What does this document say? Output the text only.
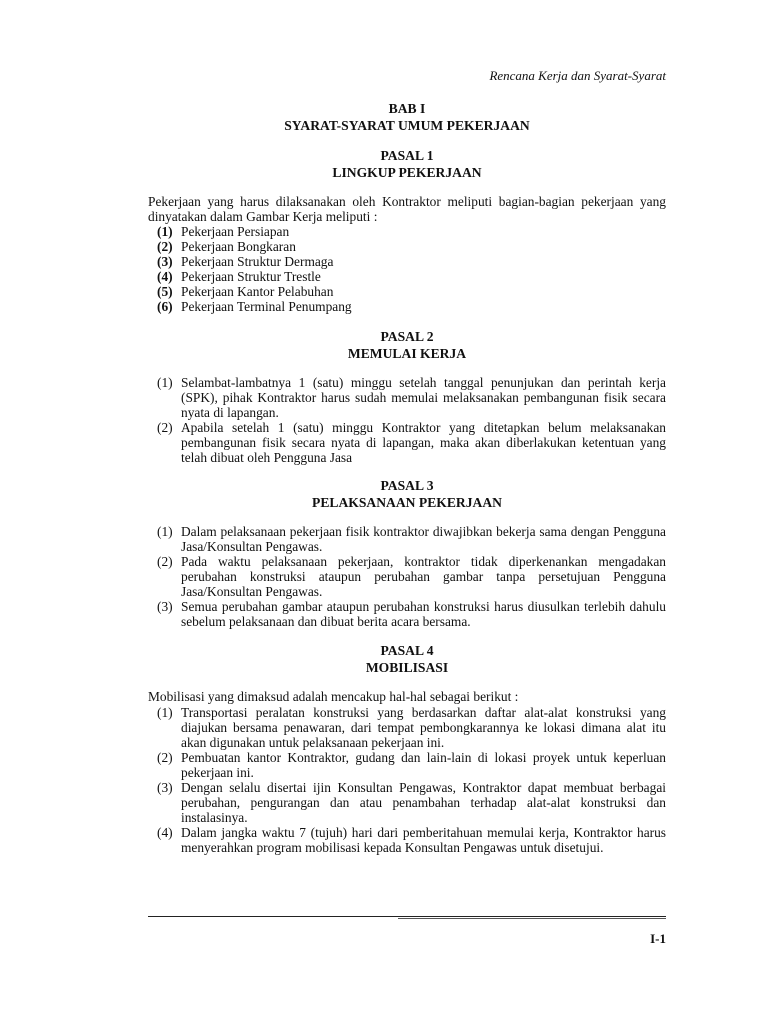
Rencana Kerja dan Syarat-Syarat
BAB I
SYARAT-SYARAT UMUM PEKERJAAN
PASAL 1
LINGKUP PEKERJAAN
Pekerjaan yang harus dilaksanakan oleh Kontraktor meliputi bagian-bagian pekerjaan yang dinyatakan dalam Gambar Kerja meliputi :
(1) Pekerjaan Persiapan
(2) Pekerjaan Bongkaran
(3) Pekerjaan Struktur Dermaga
(4) Pekerjaan Struktur Trestle
(5) Pekerjaan Kantor Pelabuhan
(6) Pekerjaan Terminal Penumpang
PASAL 2
MEMULAI KERJA
(1) Selambat-lambatnya 1 (satu) minggu setelah tanggal penunjukan dan perintah kerja (SPK), pihak Kontraktor harus sudah memulai melaksanakan pembangunan fisik secara nyata di lapangan.
(2) Apabila setelah 1 (satu) minggu Kontraktor yang ditetapkan belum melaksanakan pembangunan fisik secara nyata di lapangan, maka akan diberlakukan ketentuan yang telah dibuat oleh Pengguna Jasa
PASAL 3
PELAKSANAAN PEKERJAAN
(1) Dalam pelaksanaan pekerjaan fisik kontraktor diwajibkan bekerja sama dengan Pengguna Jasa/Konsultan Pengawas.
(2) Pada waktu pelaksanaan pekerjaan, kontraktor tidak diperkenankan mengadakan perubahan konstruksi ataupun perubahan gambar tanpa persetujuan Pengguna Jasa/Konsultan Pengawas.
(3) Semua perubahan gambar ataupun perubahan konstruksi harus diusulkan terlebih dahulu sebelum pelaksanaan dan dibuat berita acara bersama.
PASAL 4
MOBILISASI
Mobilisasi yang dimaksud adalah mencakup hal-hal sebagai berikut :
(1) Transportasi peralatan konstruksi yang berdasarkan daftar alat-alat konstruksi yang diajukan bersama penawaran, dari tempat pembongkarannya ke lokasi dimana alat itu akan digunakan untuk pelaksanaan pekerjaan ini.
(2) Pembuatan kantor Kontraktor, gudang dan lain-lain di lokasi proyek untuk keperluan pekerjaan ini.
(3) Dengan selalu disertai ijin Konsultan Pengawas, Kontraktor dapat membuat berbagai perubahan, pengurangan dan atau penambahan terhadap alat-alat konstruksi dan instalasinya.
(4) Dalam jangka waktu 7 (tujuh) hari dari pemberitahuan memulai kerja, Kontraktor harus menyerahkan program mobilisasi kepada Konsultan Pengawas untuk disetujui.
I-1
